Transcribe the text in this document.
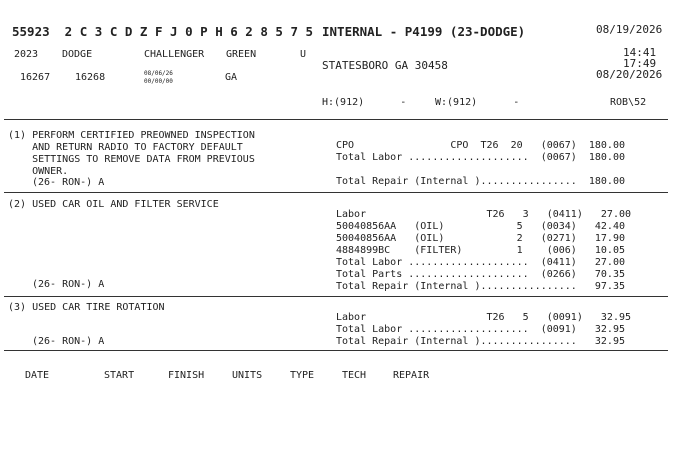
55923  2 C 3 C D Z F J 0 P H 6 2 8 5 7 5 INTERNAL - P4199 (23-DODGE)	08/19/2026
2023 DODGE	CHALLENGER GREEN	U	14:41
17:49
STATESBORO GA 30458
08/20/2026
16267 16268	08/06/26
00/00/00	GA
H:(912)      -	W:(912)      -	ROB\52
(1) PERFORM CERTIFIED PREOWNED INSPECTION
AND RETURN RADIO TO FACTORY DEFAULT
SETTINGS TO REMOVE DATA FROM PREVIOUS
OWNER.
(26- RON-) A
CPO                CPO  T26  20   (0067)  180.00
Total Labor ....................  (0067)  180.00
Total Repair (Internal )................  180.00
(2) USED CAR OIL AND FILTER SERVICE
(26- RON-) A
Labor                    T26   3   (0411)   27.00
50040856AA   (OIL)            5   (0034)   42.40
50040856AA   (OIL)            2   (0271)   17.90
4884899BC    (FILTER)         1    (006)   10.05
Total Labor ....................  (0411)   27.00
Total Parts ....................  (0266)   70.35
Total Repair (Internal )................   97.35
(3) USED CAR TIRE ROTATION
(26- RON-) A
Labor                    T26   5   (0091)   32.95
Total Labor ....................  (0091)   32.95
Total Repair (Internal )................   32.95
DATE	START	FINISH	UNITS	TYPE	TECH	REPAIR
